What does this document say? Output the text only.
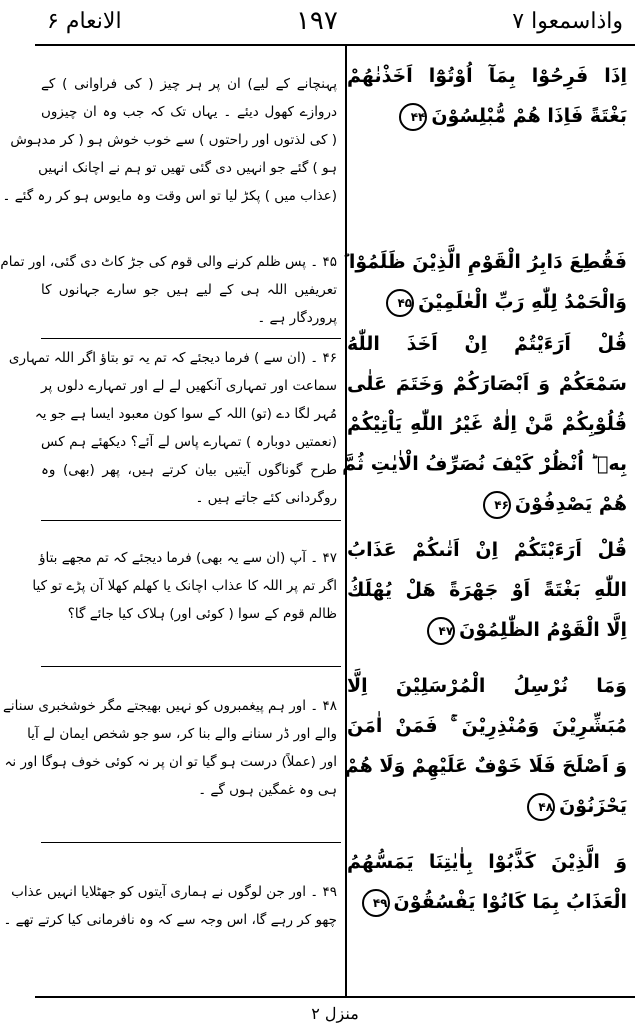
واذاسمعوا ۷
۱۹۷
الانعام ۶
اِذَا فَرِحُوْا بِمَآ اُوْتُوْٓا اَخَذْنٰهُمْ
بَغْتَةً فَاِذَا هُمْ مُّبْلِسُوْنَ۴۴
فَقُطِعَ دَابِرُ الْقَوْمِ الَّذِيْنَ ظَلَمُوْا ؕ
وَالْحَمْدُ لِلّٰهِ رَبِّ الْعٰلَمِيْنَ۴۵
قُلْ اَرَءَيْتُمْ اِنْ اَخَذَ اللّٰهُ
سَمْعَكُمْ وَ اَبْصَارَكُمْ وَخَتَمَ عَلٰى
قُلُوْبِكُمْ مَّنْ اِلٰهٌ غَيْرُ اللّٰهِ يَاْتِيْكُمْ
بِهٖ ؕ اُنْظُرْ كَيْفَ نُصَرِّفُ الْاٰيٰتِ ثُمَّ
هُمْ يَصْدِفُوْنَ۴۶
قُلْ اَرَءَيْتَكُمْ اِنْ اَتٰىكُمْ عَذَابُ
اللّٰهِ بَغْتَةً اَوْ جَهْرَةً هَلْ يُهْلَكُ
اِلَّا الْقَوْمُ الظّٰلِمُوْنَ۴۷
وَمَا نُرْسِلُ الْمُرْسَلِيْنَ اِلَّا
مُبَشِّرِيْنَ وَمُنْذِرِيْنَ ۚ فَمَنْ اٰمَنَ
وَ اَصْلَحَ فَلَا خَوْفٌ عَلَيْهِمْ وَلَا هُمْ
يَحْزَنُوْنَ۴۸
وَ الَّذِيْنَ كَذَّبُوْا بِاٰيٰتِنَا يَمَسُّهُمُ
الْعَذَابُ بِمَا كَانُوْا يَفْسُقُوْنَ۴۹
پہنچانے کے لیے) ان پر ہر چیز ( کی فراوانی ) کے
دروازے کھول دیئے ۔ یہاں تک کہ جب وہ ان چیزوں
( کی لذتوں اور راحتوں ) سے خوب خوش ہو ( کر مدہوش
ہو ) گئے جو انہیں دی گئی تھیں تو ہم نے اچانک انہیں
(عذاب میں ) پکڑ لیا تو اس وقت وہ مایوس ہو کر رہ گئے ۔
۴۵ ۔ پس ظلم کرنے والی قوم کی جڑ کاٹ دی گئی، اور تمام
تعریفیں اللہ ہی کے لیے ہیں جو سارے جہانوں کا
پروردگار ہے ۔
۴۶ ۔ (ان سے ) فرما دیجئے کہ تم یہ تو بتاؤ اگر اللہ تمہاری
سماعت اور تمہاری آنکھیں لے لے اور تمہارے دلوں پر
مُہر لگا دے (تو) اللہ کے سوا کون معبود ایسا ہے جو یہ
(نعمتیں دوبارہ ) تمہارے پاس لے آئے؟ دیکھئے ہم کس
طرح گوناگوں آیتیں بیان کرتے ہیں، پھر (بھی) وہ
روگردانی کئے جاتے ہیں ۔
۴۷ ۔ آپ (ان سے یہ بھی) فرما دیجئے کہ تم مجھے بتاؤ
اگر تم پر اللہ کا عذاب اچانک یا کھلم کھلا آن پڑے تو کیا
ظالم قوم کے سوا ( کوئی اور) ہلاک کیا جائے گا؟
۴۸ ۔ اور ہم پیغمبروں کو نہیں بھیجتے مگر خوشخبری سنانے
والے اور ڈر سنانے والے بنا کر، سو جو شخص ایمان لے آیا
اور (عملاً) درست ہو گیا تو ان پر نہ کوئی خوف ہوگا اور نہ
ہی وہ غمگین ہوں گے ۔
۴۹ ۔ اور جن لوگوں نے ہماری آیتوں کو جھٹلایا انہیں عذاب
چھو کر رہے گا، اس وجہ سے کہ وہ نافرمانی کیا کرتے تھے ۔
منزل ۲
